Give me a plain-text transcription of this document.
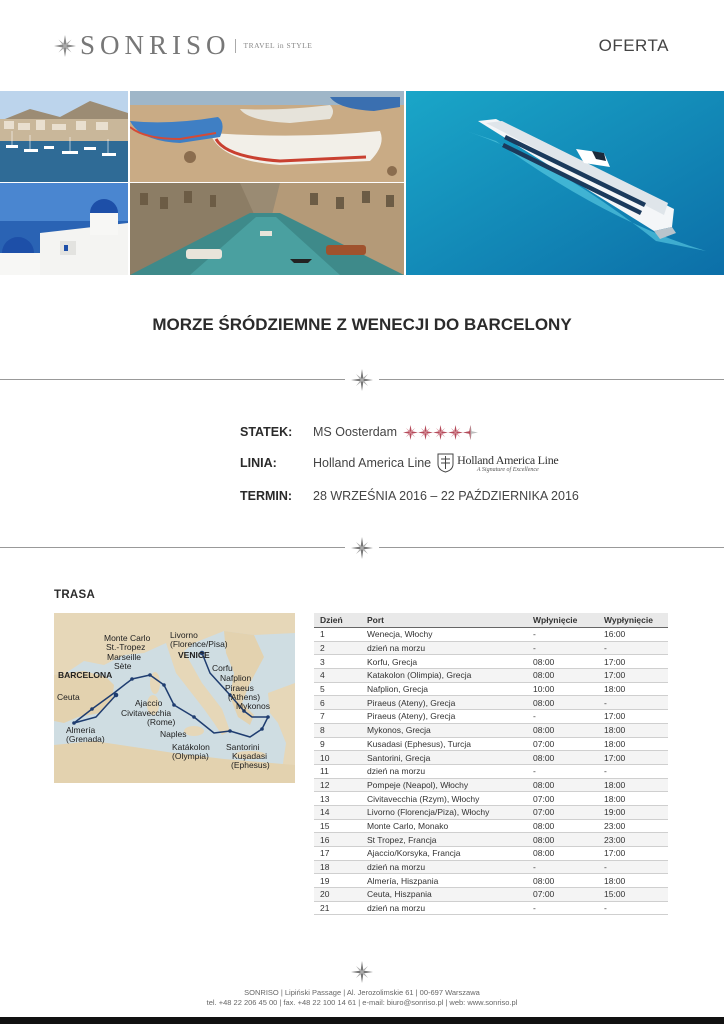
SONRISO TRAVEL in STYLE	OFERTA
MORZE ŚRÓDZIEMNE Z WENECJI DO BARCELONY
STATEK:	MS Oosterdam
LINIA:	Holland America Line Holland America Line
A Signature of Excellence
TERMIN:	28 WRZEŚNIA 2016 – 22 PAŹDZIERNIKA 2016
TRASA
Monte Carlo
St.-Tropez
Marseille
Sète
BARCELONA
Ceuta
Almería
(Grenada)
Ajaccio
Civitavecchia
(Rome)
Naples
Livorno
(Florence/Pisa)
VENICE
Corfu
Nafplion
Piraeus
(Athens)
Mykonos
Katákolon
(Olympia)
Santorini
Kuşadasi
(Ephesus)
Dzień	Port	Wpłynięcie	Wypłynięcie
1	Wenecja, Włochy	-	16:00
2	dzień na morzu	-	-
3	Korfu, Grecja	08:00	17:00
4	Katakolon (Olimpia), Grecja	08:00	17:00
5	Nafplion, Grecja	10:00	18:00
6	Piraeus (Ateny), Grecja	08:00	-
7	Piraeus (Ateny), Grecja	-	17:00
8	Mykonos, Grecja	08:00	18:00
9	Kusadasi (Ephesus), Turcja	07:00	18:00
10	Santorini, Grecja	08:00	17:00
11	dzień na morzu	-	-
12	Pompeje (Neapol), Włochy	08:00	18:00
13	Civitavecchia (Rzym), Włochy	07:00	18:00
14	Livorno (Florencja/Piza), Włochy	07:00	19:00
15	Monte Carlo, Monako	08:00	23:00
16	St Tropez, Francja	08:00	23:00
17	Ajaccio/Korsyka, Francja	08:00	17:00
18	dzień na morzu	-	-
19	Almería, Hiszpania	08:00	18:00
20	Ceuta, Hiszpania	07:00	15:00
21	dzień na morzu	-	-
SONRISO | Lipiński Passage | Al. Jerozolimskie 61 | 00-697 Warszawa
tel. +48 22 206 45 00 | fax. +48 22 100 14 61 | e-mail: biuro@sonriso.pl | web: www.sonriso.pl
